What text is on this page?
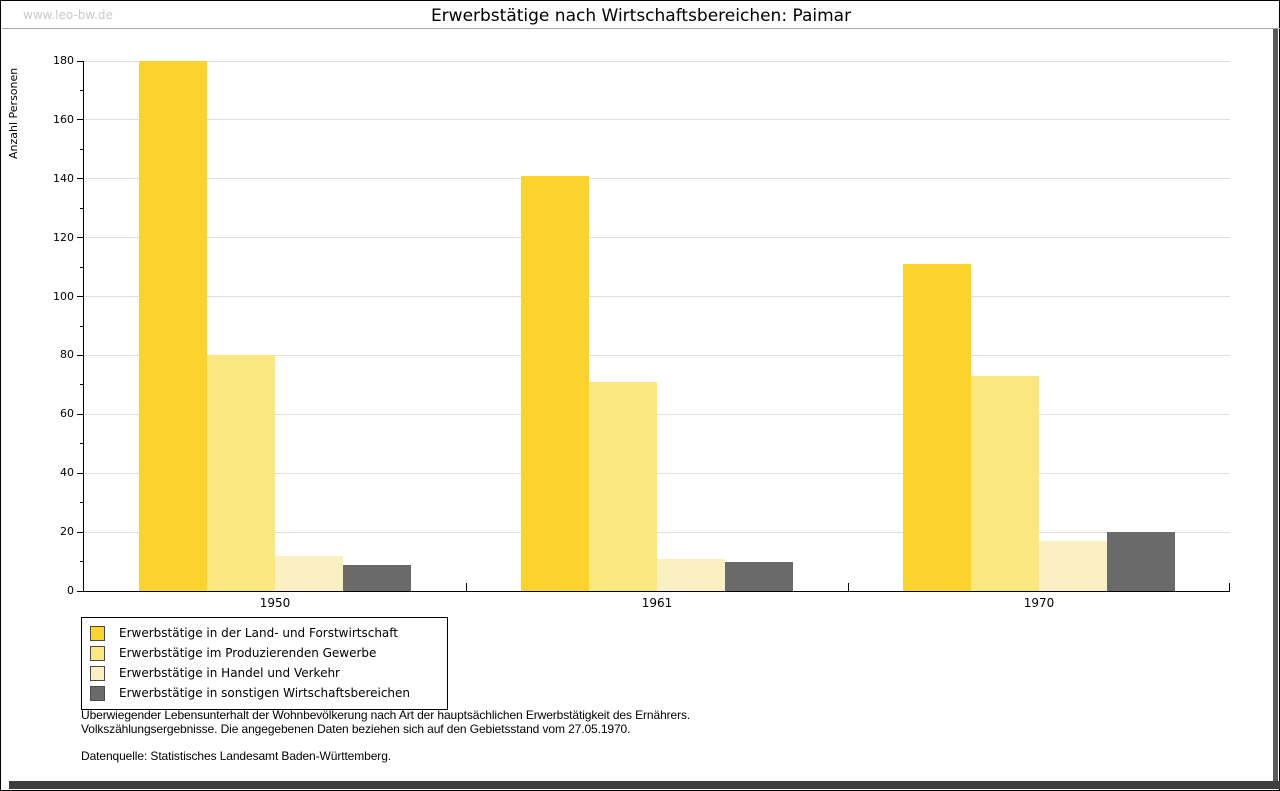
www.leo-bw.de	Erwerbstätige nach Wirtschaftsbereichen: Paimar
Anzahl Personen
0
20
40
60
80
100
120
140
160
180
1950	1961	1970
Erwerbstätige in der Land- und Forstwirtschaft
Erwerbstätige im Produzierenden Gewerbe
Erwerbstätige in Handel und Verkehr
Erwerbstätige in sonstigen Wirtschaftsbereichen
Überwiegender Lebensunterhalt der Wohnbevölkerung nach Art der hauptsächlichen Erwerbstätigkeit des Ernährers.
Volkszählungsergebnisse. Die angegebenen Daten beziehen sich auf den Gebietsstand vom 27.05.1970.
Datenquelle: Statistisches Landesamt Baden-Württemberg.
